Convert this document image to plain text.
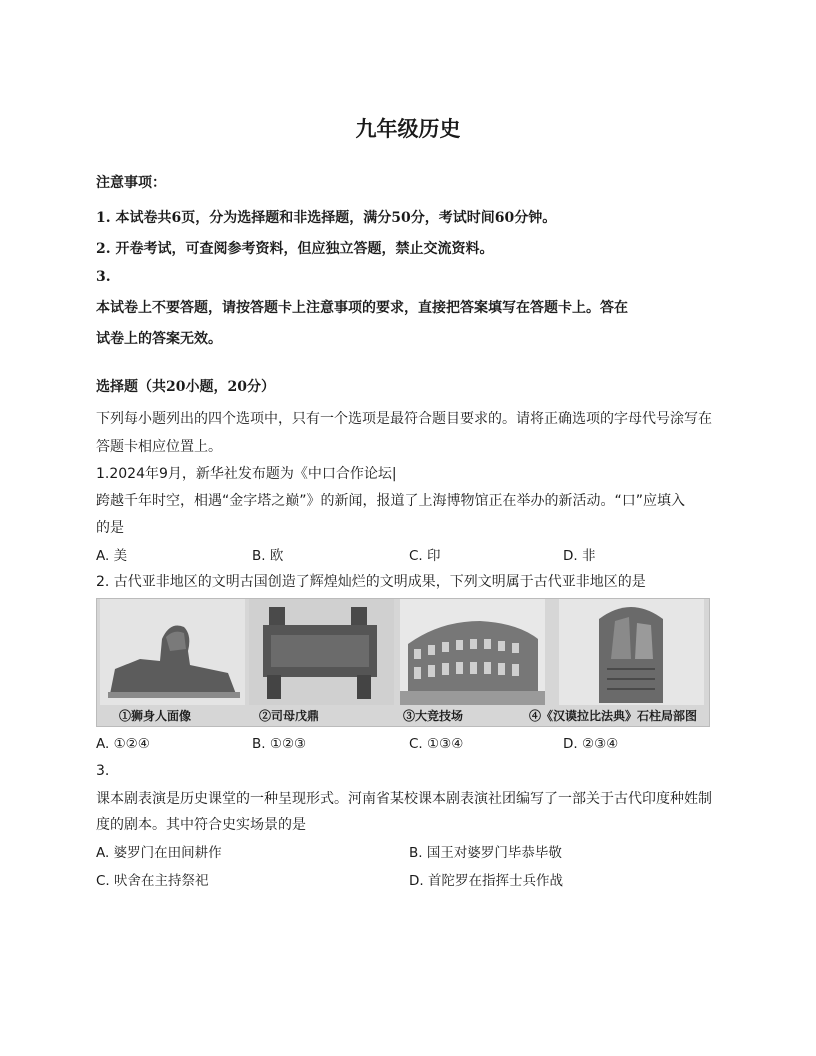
九年级历史
注意事项：
1. 本试卷共6页，分为选择题和非选择题，满分50分，考试时间60分钟。
2. 开卷考试，可查阅参考资料，但应独立答题，禁止交流资料。
3.
本试卷上不要答题，请按答题卡上注意事项的要求，直接把答案填写在答题卡上。答在
试卷上的答案无效。
选择题（共20小题，20分）
下列每小题列出的四个选项中，只有一个选项是最符合题目要求的。请将正确选项的字母代号涂写在
答题卡相应位置上。
1.2024年9月，新华社发布题为《中口合作论坛|
跨越千年时空，相遇“金字塔之巅”》的新闻，报道了上海博物馆正在举办的新活动。“口”应填入
的是
A. 美	B. 欧	C. 印	D. 非
2. 古代亚非地区的文明古国创造了辉煌灿烂的文明成果，下列文明属于古代亚非地区的是
①狮身人面像	②司母戊鼎	③大竞技场	④《汉谟拉比法典》石柱局部图
A. ①②④	B. ①②③	C. ①③④	D. ②③④
3.
课本剧表演是历史课堂的一种呈现形式。河南省某校课本剧表演社团编写了一部关于古代印度种姓制
度的剧本。其中符合史实场景的是
A. 婆罗门在田间耕作	B. 国王对婆罗门毕恭毕敬
C. 吠舍在主持祭祀	D. 首陀罗在指挥士兵作战
